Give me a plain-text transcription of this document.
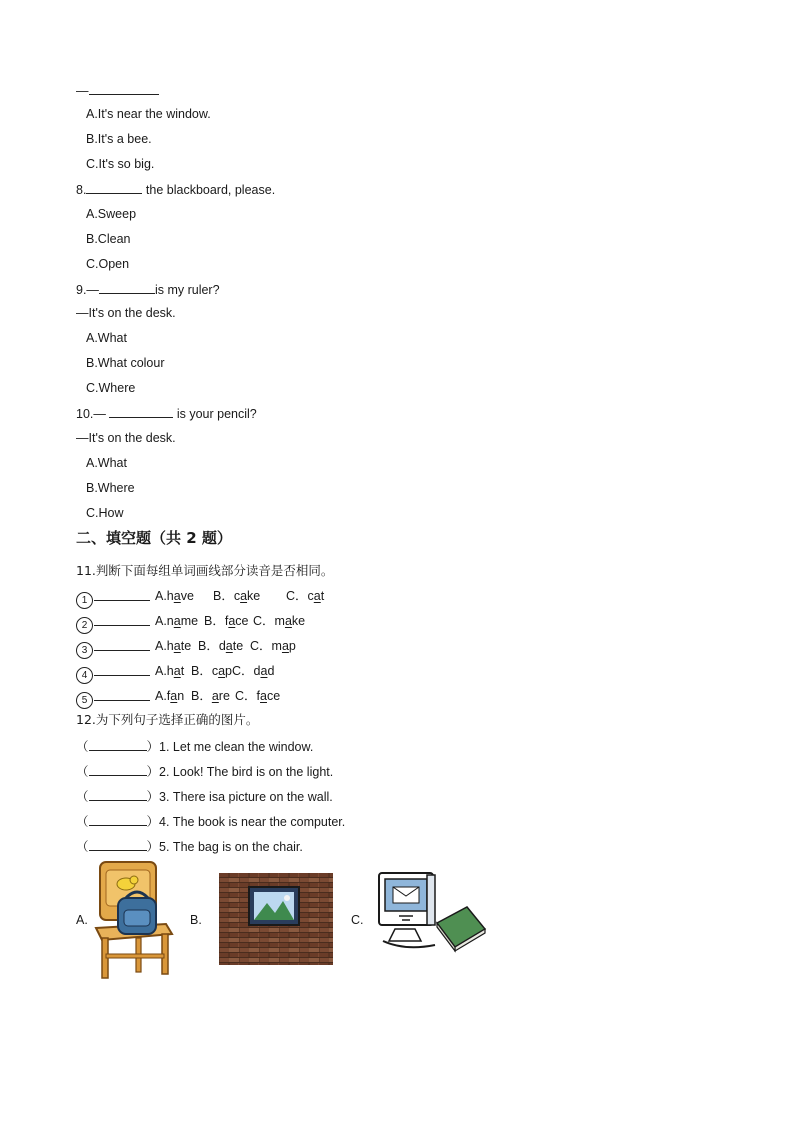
—
A.It's near the window.
B.It's a bee.
C.It's so big.
8.	the blackboard, please.
A.Sweep
B.Clean
C.Open
9.—	is my ruler?
—It's on the desk.
A.What
B.What colour
C.Where
10.—	is your pencil?
—It's on the desk.
A.What
B.Where
C.How
二、填空题（共 2 题）
11.判断下面每组单词画线部分读音是否相同。
1	A.have B．cake C．cat
2	A.name B．face C．make
3	A.hate B．date C．map
4	A.hat B．cap C．dad
5	A.fan B．are C．face
12.为下列句子选择正确的图片。
（	）1. Let me clean the window.
（	）2. Look! The bird is on the light.
（	）3. There isa picture on the wall.
（	）4. The book is near the computer.
（	）5. The bag is on the chair.
A.	B.	C.
